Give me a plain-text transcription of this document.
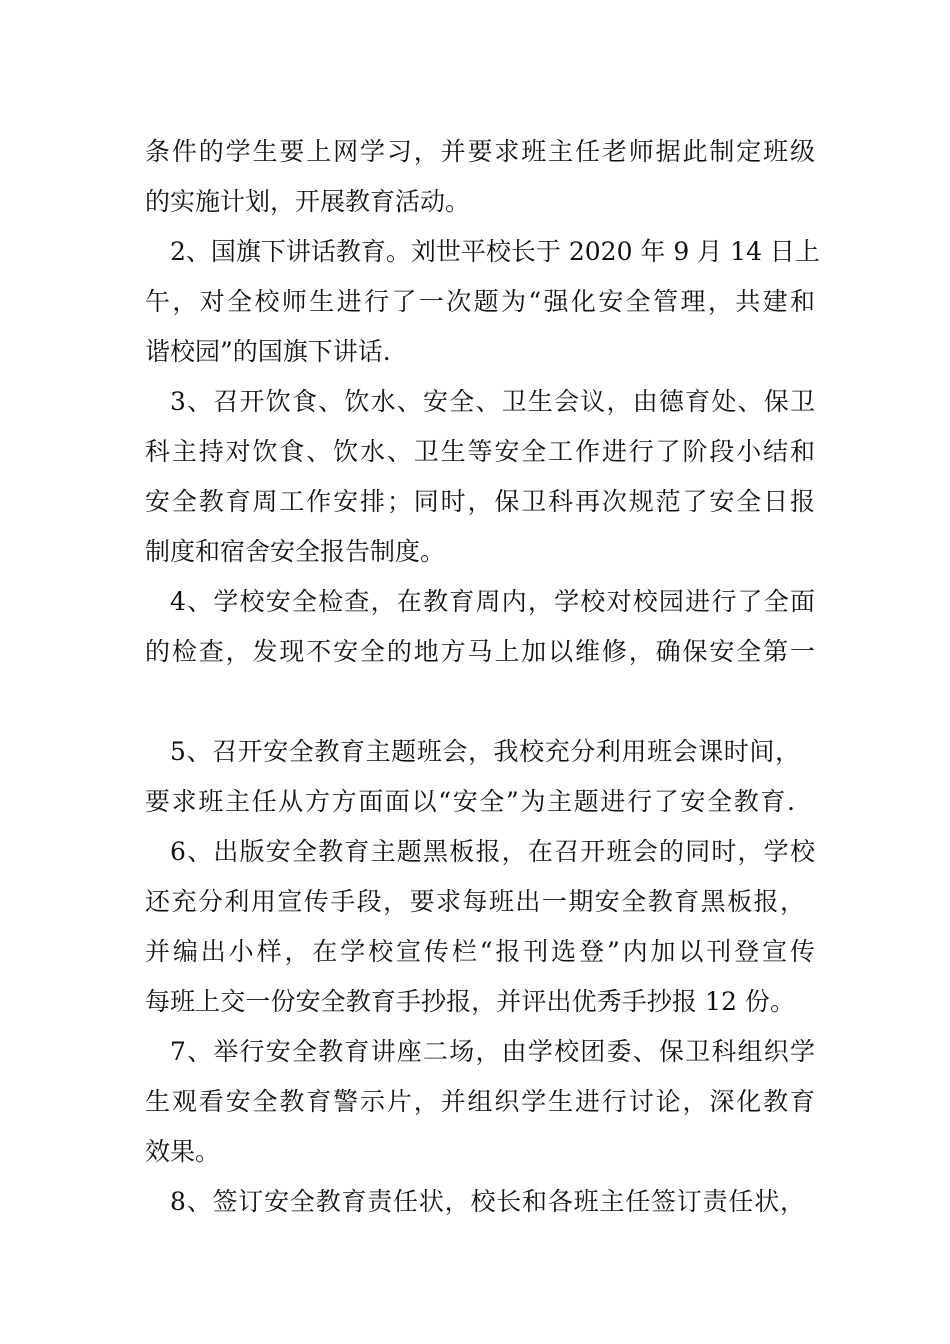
条件的学生要上网学习，并要求班主任老师据此制定班级
的实施计划，开展教育活动。
2、国旗下讲话教育。刘世平校长于 2020 年 9 月 14 日上
午，对全校师生进行了一次题为“强化安全管理，共建和
谐校园”的国旗下讲话.
3、召开饮食、饮水、安全、卫生会议，由德育处、保卫
科主持对饮食、饮水、卫生等安全工作进行了阶段小结和
安全教育周工作安排；同时，保卫科再次规范了安全日报
制度和宿舍安全报告制度。
4、学校安全检查，在教育周内，学校对校园进行了全面
的检查，发现不安全的地方马上加以维修，确保安全第一
5、召开安全教育主题班会，我校充分利用班会课时间，
要求班主任从方方面面以“安全”为主题进行了安全教育.
6、出版安全教育主题黑板报，在召开班会的同时，学校
还充分利用宣传手段，要求每班出一期安全教育黑板报，
并编出小样，在学校宣传栏“报刊选登”内加以刊登宣传
每班上交一份安全教育手抄报，并评出优秀手抄报 12 份。
7、举行安全教育讲座二场，由学校团委、保卫科组织学
生观看安全教育警示片，并组织学生进行讨论，深化教育
效果。
8、签订安全教育责任状，校长和各班主任签订责任状，
